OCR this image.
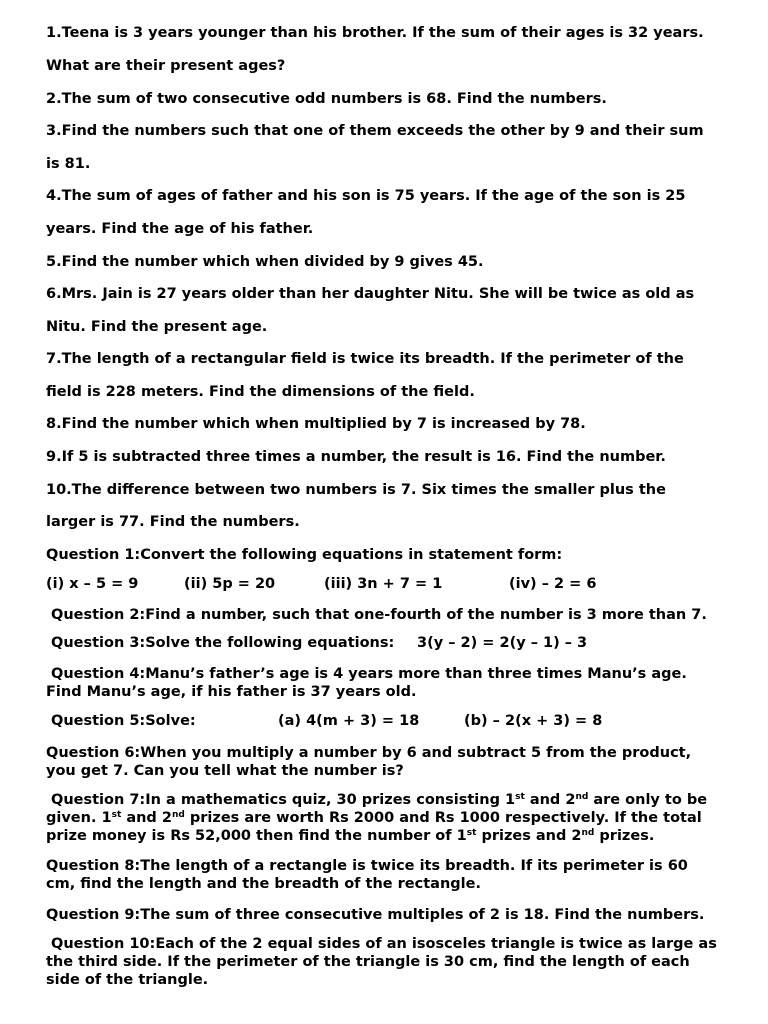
1.Teena is 3 years younger than his brother. If the sum of their ages is 32 years.
What are their present ages?
2.The sum of two consecutive odd numbers is 68. Find the numbers.
3.Find the numbers such that one of them exceeds the other by 9 and their sum
is 81.
4.The sum of ages of father and his son is 75 years. If the age of the son is 25
years. Find the age of his father.
5.Find the number which when divided by 9 gives 45.
6.Mrs. Jain is 27 years older than her daughter Nitu. She will be twice as old as
Nitu. Find the present age.
7.The length of a rectangular field is twice its breadth. If the perimeter of the
field is 228 meters. Find the dimensions of the field.
8.Find the number which when multiplied by 7 is increased by 78.
9.If 5 is subtracted three times a number, the result is 16. Find the number.
10.The difference between two numbers is 7. Six times the smaller plus the
larger is 77. Find the numbers.
Question 1:Convert the following equations in statement form:
(i) x – 5 = 9	(ii) 5p = 20	(iii) 3n + 7 = 1	(iv) – 2 = 6
Question 2:Find a number, such that one-fourth of the number is 3 more than 7.
Question 3:Solve the following equations: 3(y – 2) = 2(y – 1) – 3
Question 4:Manu’s father’s age is 4 years more than three times Manu’s age. Find Manu’s age, if his father is 37 years old.
Question 5:Solve:	(a) 4(m + 3) = 18	(b) – 2(x + 3) = 8
Question 6:When you multiply a number by 6 and subtract 5 from the product, you get 7. Can you tell what the number is?
Question 7:In a mathematics quiz, 30 prizes consisting 1st and 2nd are only to be given. 1st and 2nd prizes are worth Rs 2000 and Rs 1000 respectively. If the total prize money is Rs 52,000 then find the number of 1st prizes and 2nd prizes.
Question 8:The length of a rectangle is twice its breadth. If its perimeter is 60 cm, find the length and the breadth of the rectangle.
Question 9:The sum of three consecutive multiples of 2 is 18. Find the numbers.
Question 10:Each of the 2 equal sides of an isosceles triangle is twice as large as the third side. If the perimeter of the triangle is 30 cm, find the length of each side of the triangle.
